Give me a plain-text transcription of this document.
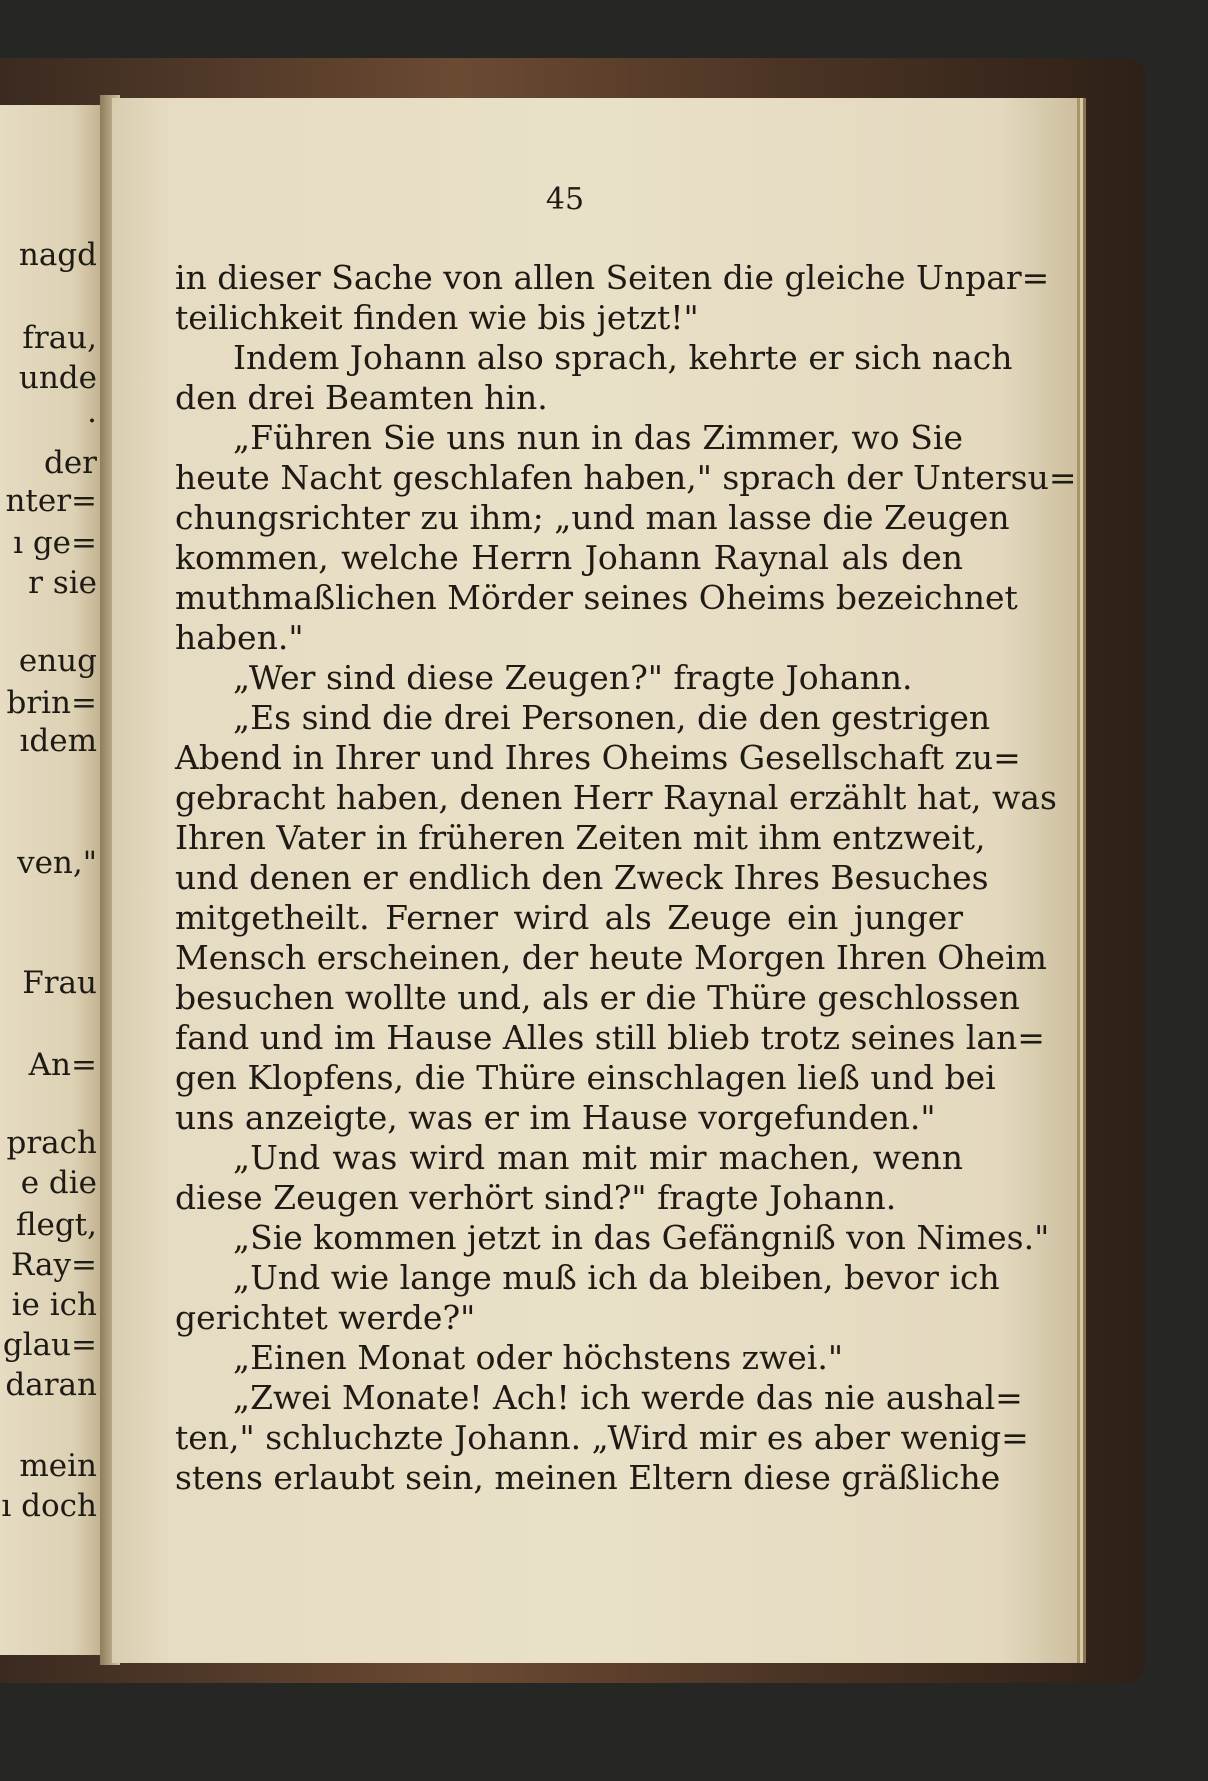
nagd
frau,
unde
·
der
nter=
ı ge=
r sie
enug
brin=
ıdem
ven,"
Frau
An=
prach
e die
flegt,
Ray=
ie ich
glau=
daran
mein
ı doch
45
in dieser Sache von allen Seiten die gleiche Unpar=
teilichkeit finden wie bis jetzt!"
Indem Johann also sprach, kehrte er sich nach
den drei Beamten hin.
„Führen Sie uns nun in das Zimmer, wo Sie
heute Nacht geschlafen haben," sprach der Untersu=
chungsrichter zu ihm; „und man lasse die Zeugen
kommen, welche Herrn Johann Raynal als den
muthmaßlichen Mörder seines Oheims bezeichnet
haben."
„Wer sind diese Zeugen?" fragte Johann.
„Es sind die drei Personen, die den gestrigen
Abend in Ihrer und Ihres Oheims Gesellschaft zu=
gebracht haben, denen Herr Raynal erzählt hat, was
Ihren Vater in früheren Zeiten mit ihm entzweit,
und denen er endlich den Zweck Ihres Besuches
mitgetheilt. Ferner wird als Zeuge ein junger
Mensch erscheinen, der heute Morgen Ihren Oheim
besuchen wollte und, als er die Thüre geschlossen
fand und im Hause Alles still blieb trotz seines lan=
gen Klopfens, die Thüre einschlagen ließ und bei
uns anzeigte, was er im Hause vorgefunden."
„Und was wird man mit mir machen, wenn
diese Zeugen verhört sind?" fragte Johann.
„Sie kommen jetzt in das Gefängniß von Nimes."
„Und wie lange muß ich da bleiben, bevor ich
gerichtet werde?"
„Einen Monat oder höchstens zwei."
„Zwei Monate! Ach! ich werde das nie aushal=
ten," schluchzte Johann. „Wird mir es aber wenig=
stens erlaubt sein, meinen Eltern diese gräßliche
